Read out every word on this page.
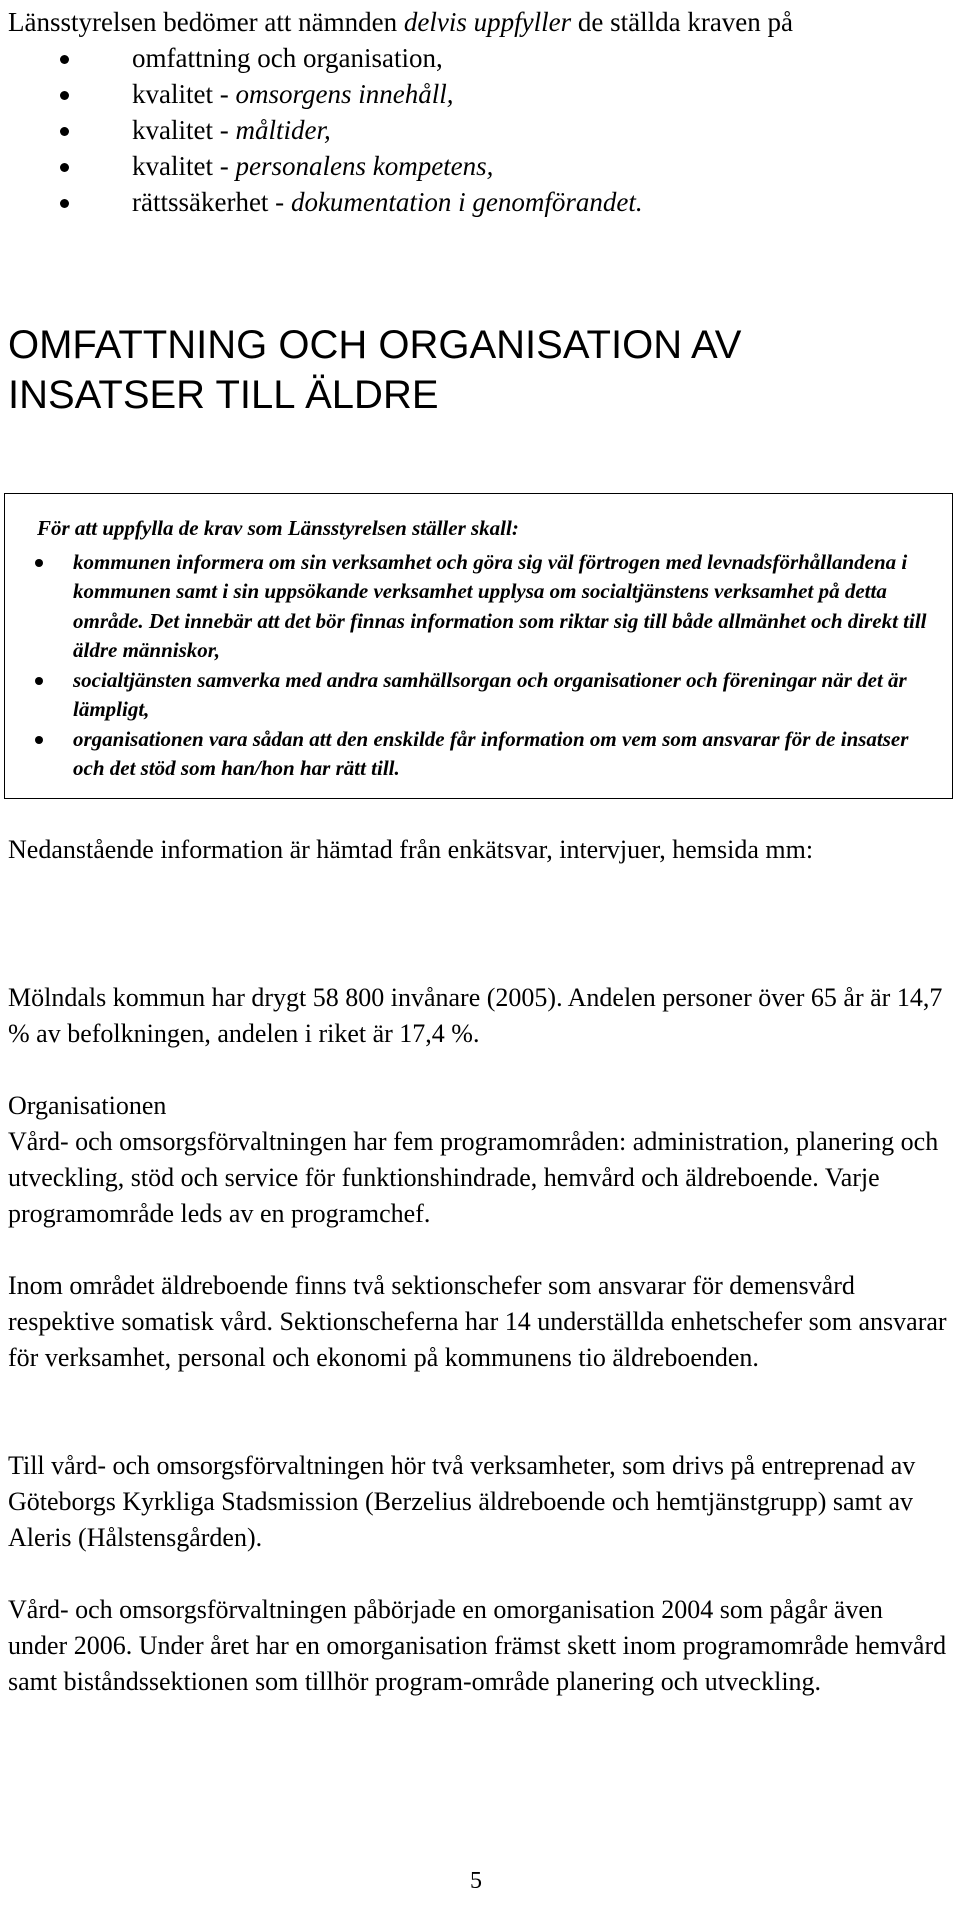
Länsstyrelsen bedömer att nämnden delvis uppfyller de ställda kraven på

omfattning och organisation,
kvalitet - omsorgens innehåll,
kvalitet - måltider,
kvalitet - personalens kompetens,
rättssäkerhet - dokumentation i genomförandet.
OMFATTNING OCH ORGANISATION AV
INSATSER TILL ÄLDRE

För att uppfylla de krav som Länsstyrelsen ställer skall:

kommunen informera om sin verksamhet och göra sig väl förtrogen med levnadsförhållandena i kommunen samt i sin uppsökande verksamhet upplysa om socialtjänstens verksamhet på detta område. Det innebär att det bör finnas information som riktar sig till både allmänhet och direkt till äldre människor,
socialtjänsten samverka med andra samhällsorgan och organisationer och föreningar när det är lämpligt,
organisationen vara sådan att den enskilde får information om vem som ansvarar för de insatser och det stöd som han/hon har rätt till.

Nedanstående information är hämtad från enkätsvar, intervjuer, hemsida mm:

Mölndals kommun har drygt 58 800 invånare (2005). Andelen personer över 65 år är 14,7 % av befolkningen, andelen i riket är 17,4 %.

Organisationen

Vård- och omsorgsförvaltningen har fem programområden: administration, planering och utveckling, stöd och service för funktionshindrade, hemvård och äldreboende. Varje programområde leds av en programchef.

Inom området äldreboende finns två sektionschefer som ansvarar för demensvård respektive somatisk vård. Sektionscheferna har 14 underställda enhetschefer som ansvarar för verksamhet, personal och ekonomi på kommunens tio äldreboenden.

Till vård- och omsorgsförvaltningen hör två verksamheter, som drivs på entreprenad av Göteborgs Kyrkliga Stadsmission (Berzelius äldreboende och hemtjänstgrupp) samt av Aleris (Hålstensgården).

Vård- och omsorgsförvaltningen påbörjade en omorganisation 2004 som pågår även under 2006. Under året har en omorganisation främst skett inom programområde hemvård samt biståndssektionen som tillhör program-område planering och utveckling.

5
